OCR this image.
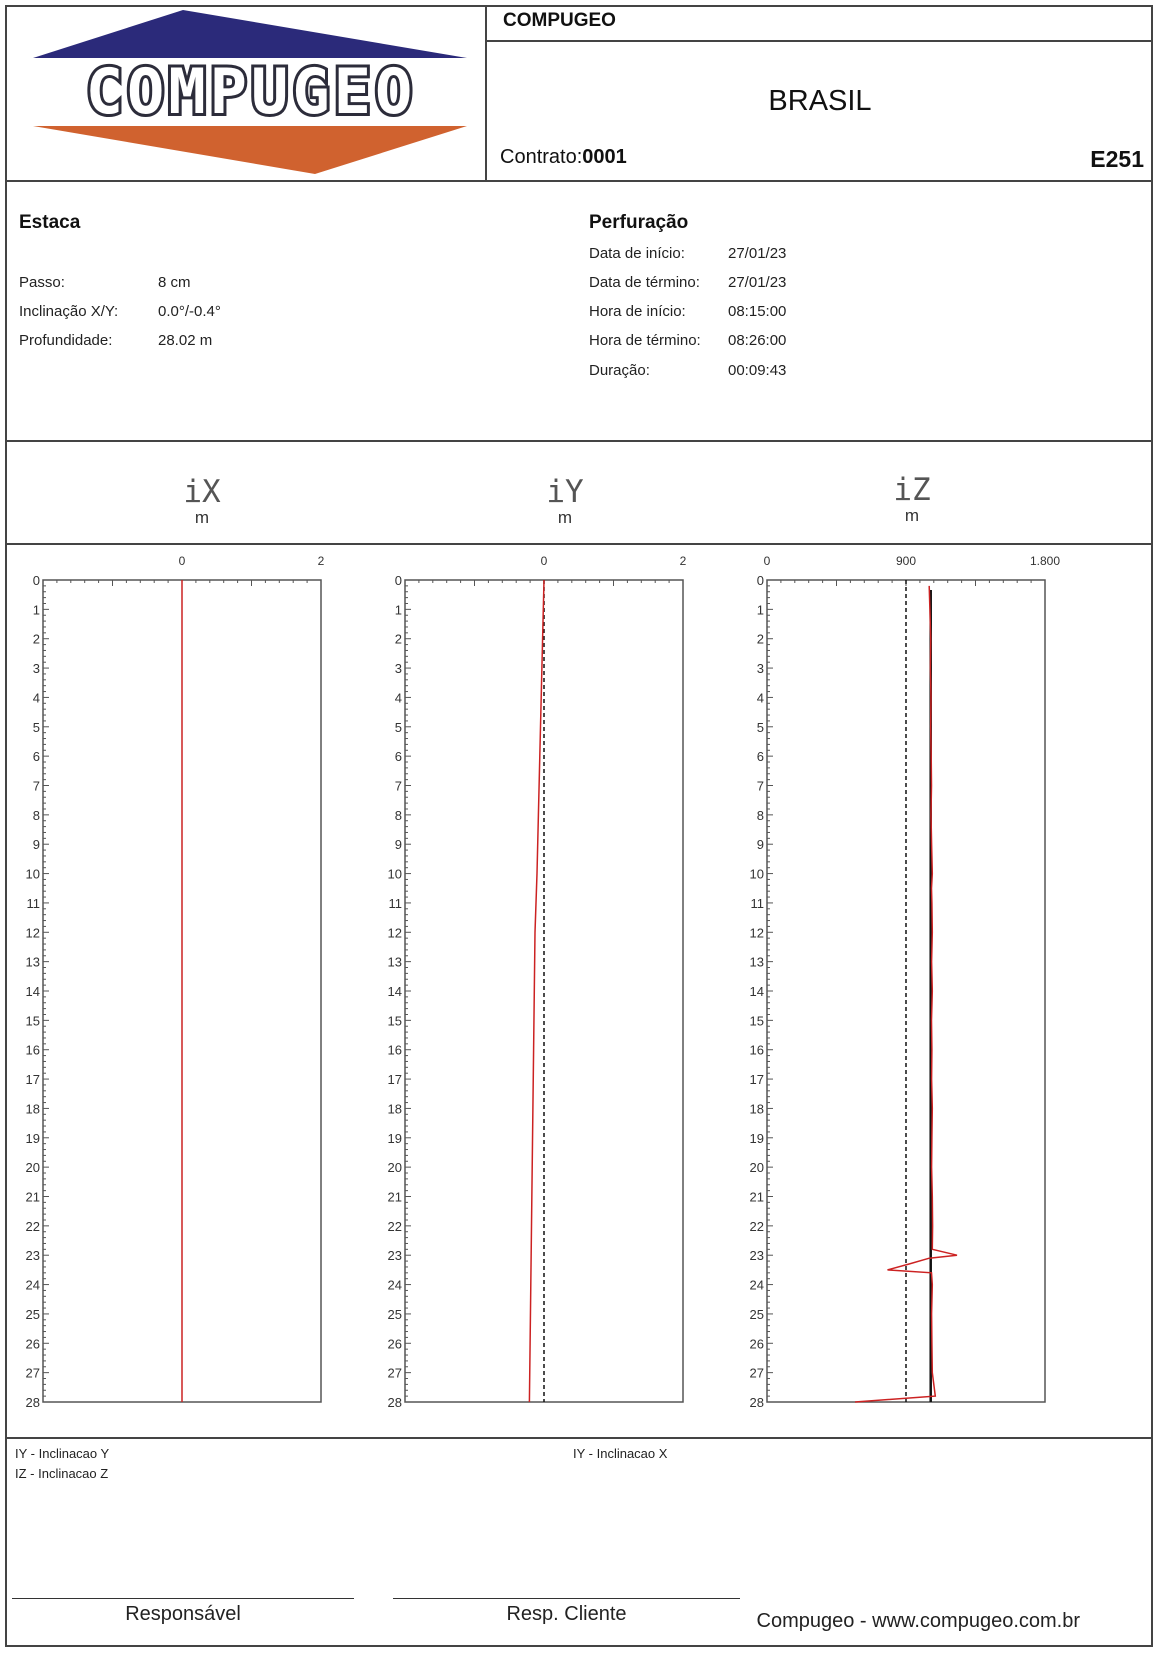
COMPUGEO
COMPUGEO
BRASIL
Contrato:0001	E251
Estaca
Passo:	8 cm
Inclinação X/Y:	0.0°/-0.4°
Profundidade:	28.02 m
Perfuração
Data de início:	27/01/23
Data de término: 27/01/23
Hora de início:	08:15:00
Hora de término: 08:26:00
Duração:	00:09:43
iX
m
iY
m
iZ
m
0	2
0
1
2
3
4
5
6
7
8
9
10
11
12
13
14
15
16
17
18
19
20
21
22
23
24
25
26
27
28
0	2
0
1
2
3
4
5
6
7
8
9
10
11
12
13
14
15
16
17
18
19
20
21
22
23
24
25
26
27
28
0	900	1.800
0
1
2
3
4
5
6
7
8
9
10
11
12
13
14
15
16
17
18
19
20
21
22
23
24
25
26
27
28
IY - Inclinacao Y
IZ - Inclinacao Z
IY - Inclinacao X
Responsável	Resp. Cliente	Compugeo - www.compugeo.com.br
